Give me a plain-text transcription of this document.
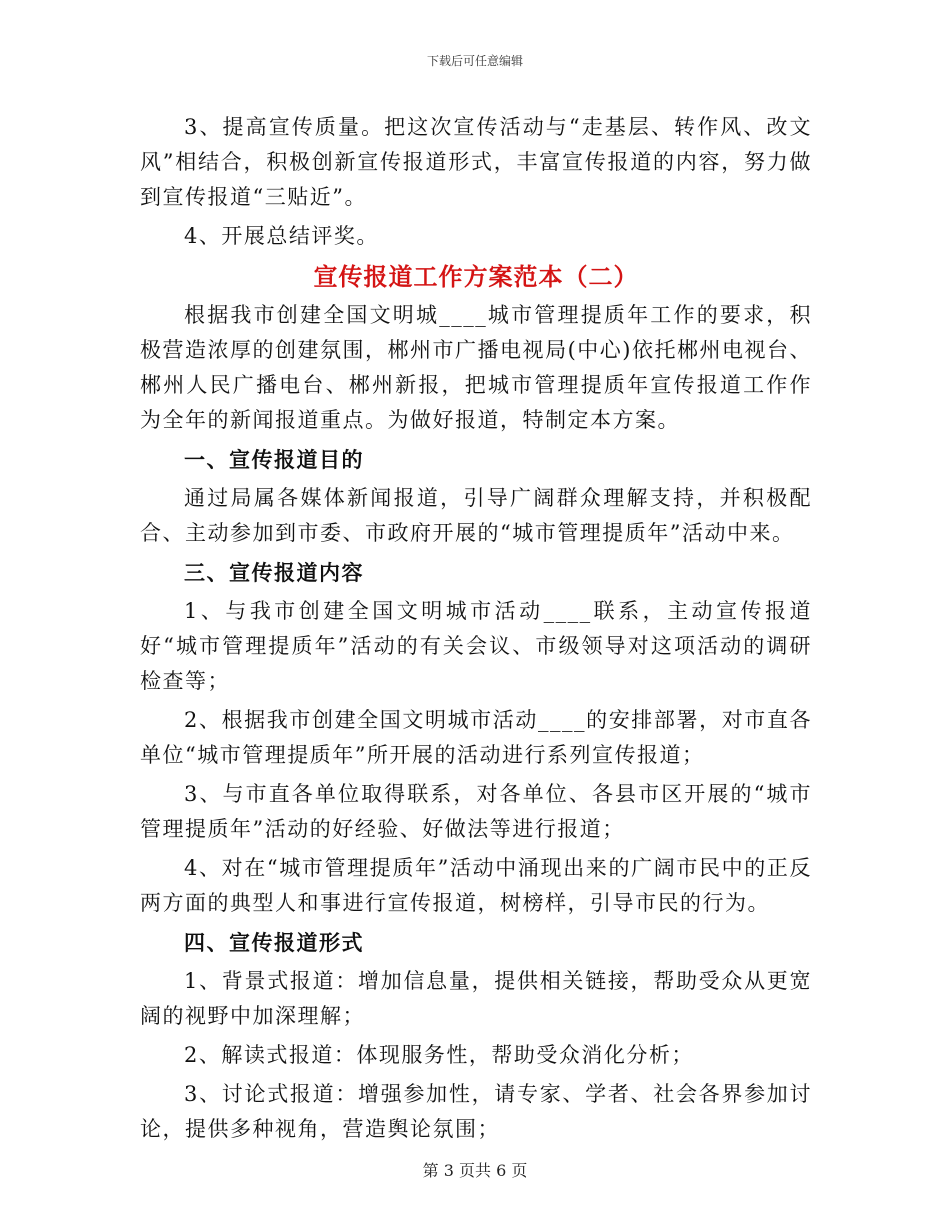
下载后可任意编辑
3、提高宣传质量。把这次宣传活动与“走基层、转作风、改文风”相结合，积极创新宣传报道形式，丰富宣传报道的内容，努力做到宣传报道“三贴近”。
4、开展总结评奖。
宣传报道工作方案范本（二）
根据我市创建全国文明城____城市管理提质年工作的要求，积极营造浓厚的创建氛围，郴州市广播电视局(中心)依托郴州电视台、郴州人民广播电台、郴州新报，把城市管理提质年宣传报道工作作为全年的新闻报道重点。为做好报道，特制定本方案。
一、宣传报道目的
通过局属各媒体新闻报道，引导广阔群众理解支持，并积极配合、主动参加到市委、市政府开展的“城市管理提质年”活动中来。
三、宣传报道内容
1、与我市创建全国文明城市活动____联系，主动宣传报道好“城市管理提质年”活动的有关会议、市级领导对这项活动的调研检查等；
2、根据我市创建全国文明城市活动____的安排部署，对市直各单位“城市管理提质年”所开展的活动进行系列宣传报道；
3、与市直各单位取得联系，对各单位、各县市区开展的“城市管理提质年”活动的好经验、好做法等进行报道；
4、对在“城市管理提质年”活动中涌现出来的广阔市民中的正反两方面的典型人和事进行宣传报道，树榜样，引导市民的行为。
四、宣传报道形式
1、背景式报道：增加信息量，提供相关链接，帮助受众从更宽阔的视野中加深理解；
2、解读式报道：体现服务性，帮助受众消化分析；
3、讨论式报道：增强参加性，请专家、学者、社会各界参加讨论，提供多种视角，营造舆论氛围；
第 3 页共 6 页
